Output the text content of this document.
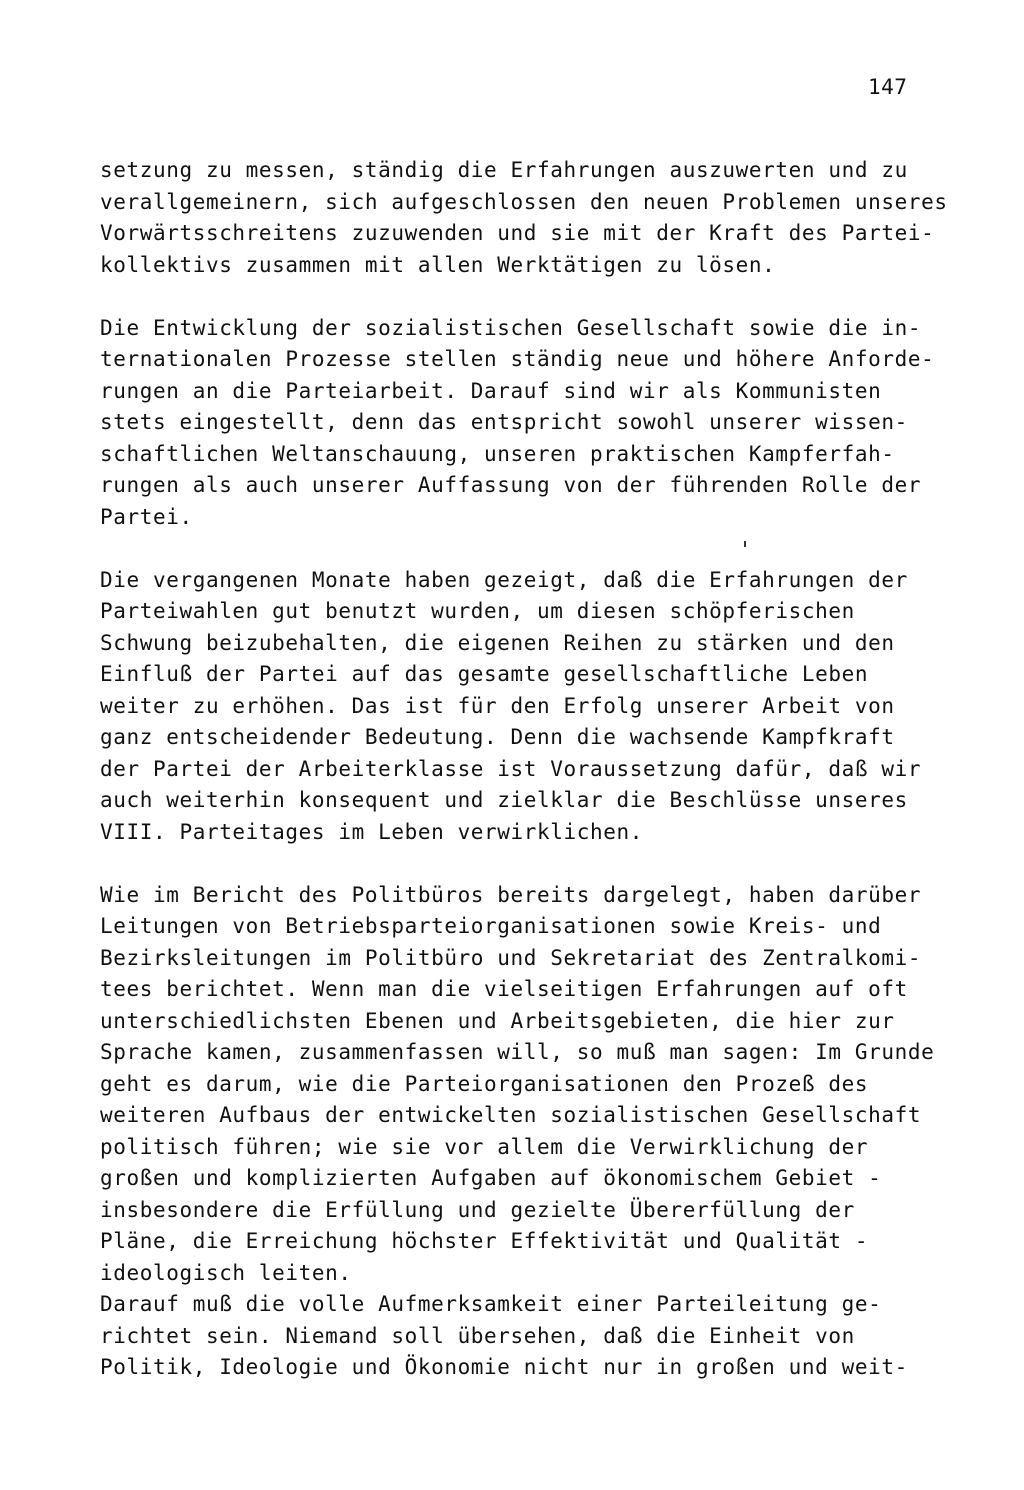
147
setzung zu messen, ständig die Erfahrungen auszuwerten und zu
verallgemeinern, sich aufgeschlossen den neuen Problemen unseres
Vorwärtsschreitens zuzuwenden und sie mit der Kraft des Partei-
kollektivs zusammen mit allen Werktätigen zu lösen.
Die Entwicklung der sozialistischen Gesellschaft sowie die in-
ternationalen Prozesse stellen ständig neue und höhere Anforde-
rungen an die Parteiarbeit. Darauf sind wir als Kommunisten
stets eingestellt, denn das entspricht sowohl unserer wissen-
schaftlichen Weltanschauung, unseren praktischen Kampferfah-
rungen als auch unserer Auffassung von der führenden Rolle der
Partei.
Die vergangenen Monate haben gezeigt, daß die Erfahrungen der
Parteiwahlen gut benutzt wurden, um diesen schöpferischen
Schwung beizubehalten, die eigenen Reihen zu stärken und den
Einfluß der Partei auf das gesamte gesellschaftliche Leben
weiter zu erhöhen. Das ist für den Erfolg unserer Arbeit von
ganz entscheidender Bedeutung. Denn die wachsende Kampfkraft
der Partei der Arbeiterklasse ist Voraussetzung dafür, daß wir
auch weiterhin konsequent und zielklar die Beschlüsse unseres
VIII. Parteitages im Leben verwirklichen.
Wie im Bericht des Politbüros bereits dargelegt, haben darüber
Leitungen von Betriebsparteiorganisationen sowie Kreis- und
Bezirksleitungen im Politbüro und Sekretariat des Zentralkomi-
tees berichtet. Wenn man die vielseitigen Erfahrungen auf oft
unterschiedlichsten Ebenen und Arbeitsgebieten, die hier zur
Sprache kamen, zusammenfassen will, so muß man sagen: Im Grunde
geht es darum, wie die Parteiorganisationen den Prozeß des
weiteren Aufbaus der entwickelten sozialistischen Gesellschaft
politisch führen; wie sie vor allem die Verwirklichung der
großen und komplizierten Aufgaben auf ökonomischem Gebiet -
insbesondere die Erfüllung und gezielte Übererfüllung der
Pläne, die Erreichung höchster Effektivität und Qualität -
ideologisch leiten.
Darauf muß die volle Aufmerksamkeit einer Parteileitung ge-
richtet sein. Niemand soll übersehen, daß die Einheit von
Politik, Ideologie und Ökonomie nicht nur in großen und weit-
